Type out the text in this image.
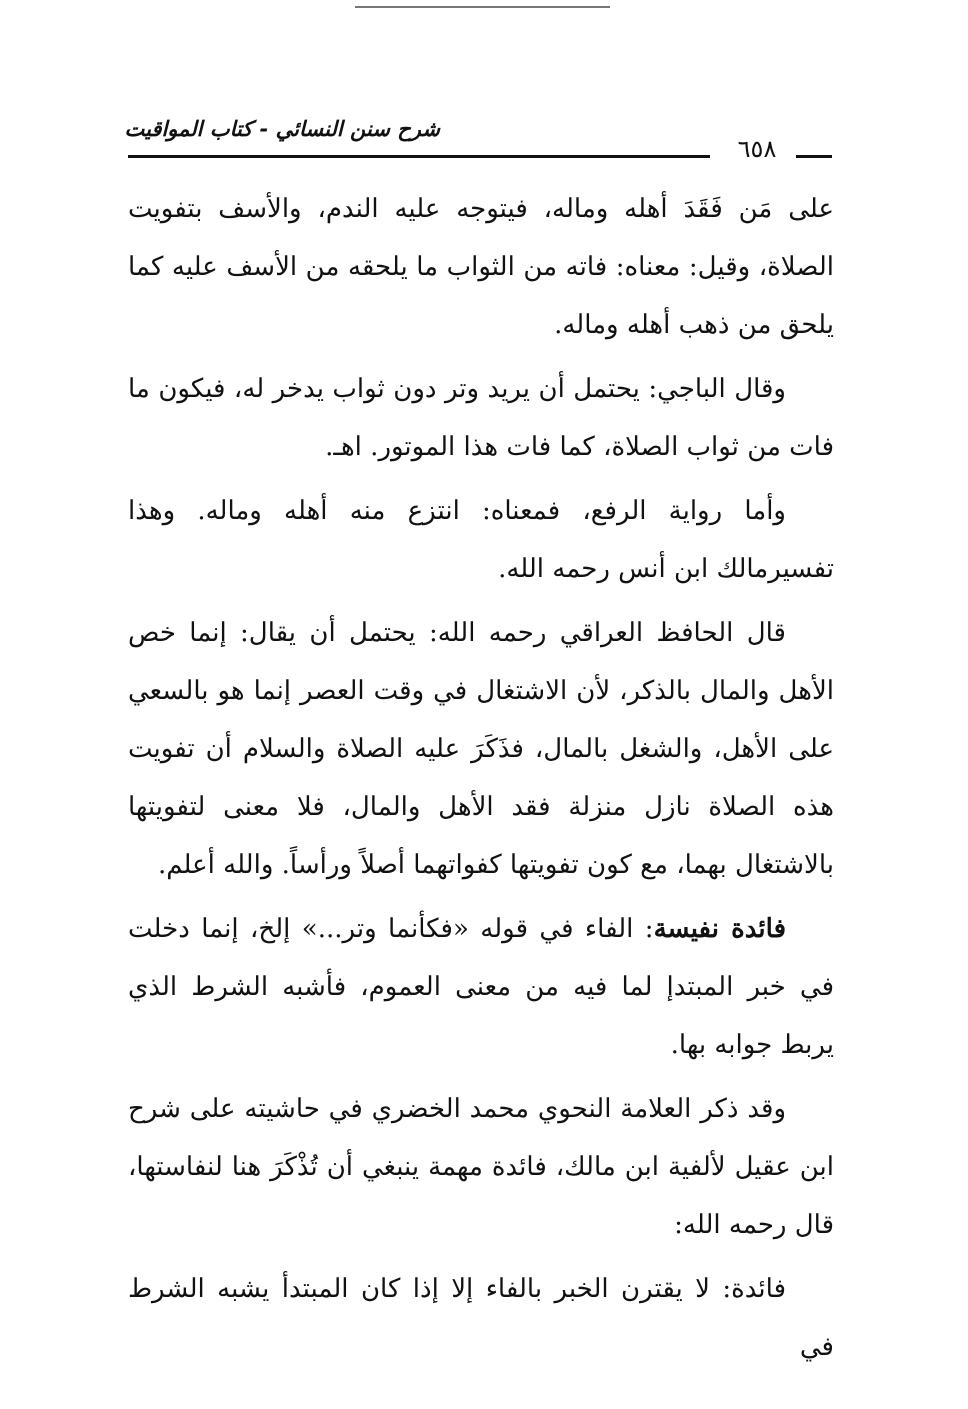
شرح سنن النسائي - كتاب المواقيت
٦٥٨

على مَن فَقَدَ أهله وماله، فيتوجه عليه الندم، والأسف بتفويت الصلاة، وقيل: معناه: فاته من الثواب ما يلحقه من الأسف عليه كما يلحق من ذهب أهله وماله.

وقال الباجي: يحتمل أن يريد وتر دون ثواب يدخر له، فيكون ما فات من ثواب الصلاة، كما فات هذا الموتور. اهـ.

وأما رواية الرفع، فمعناه: انتزع منه أهله وماله. وهذا تفسيرمالك ابن أنس رحمه الله.

قال الحافظ العراقي رحمه الله: يحتمل أن يقال: إنما خص الأهل والمال بالذكر، لأن الاشتغال في وقت العصر إنما هو بالسعي على الأهل، والشغل بالمال، فذَكَرَ عليه الصلاة والسلام أن تفويت هذه الصلاة نازل منزلة فقد الأهل والمال، فلا معنى لتفويتها بالاشتغال بهما، مع كون تفويتها كفواتهما أصلاً ورأساً. والله أعلم.

فائدة نفيسة: الفاء في قوله «فكأنما وتر...» إلخ، إنما دخلت في خبر المبتدإ لما فيه من معنى العموم، فأشبه الشرط الذي يربط جوابه بها.

وقد ذكر العلامة النحوي محمد الخضري في حاشيته على شرح ابن عقيل لألفية ابن مالك، فائدة مهمة ينبغي أن تُذْكَرَ هنا لنفاستها، قال رحمه الله:

فائدة: لا يقترن الخبر بالفاء إلا إذا كان المبتدأ يشبه الشرط في
